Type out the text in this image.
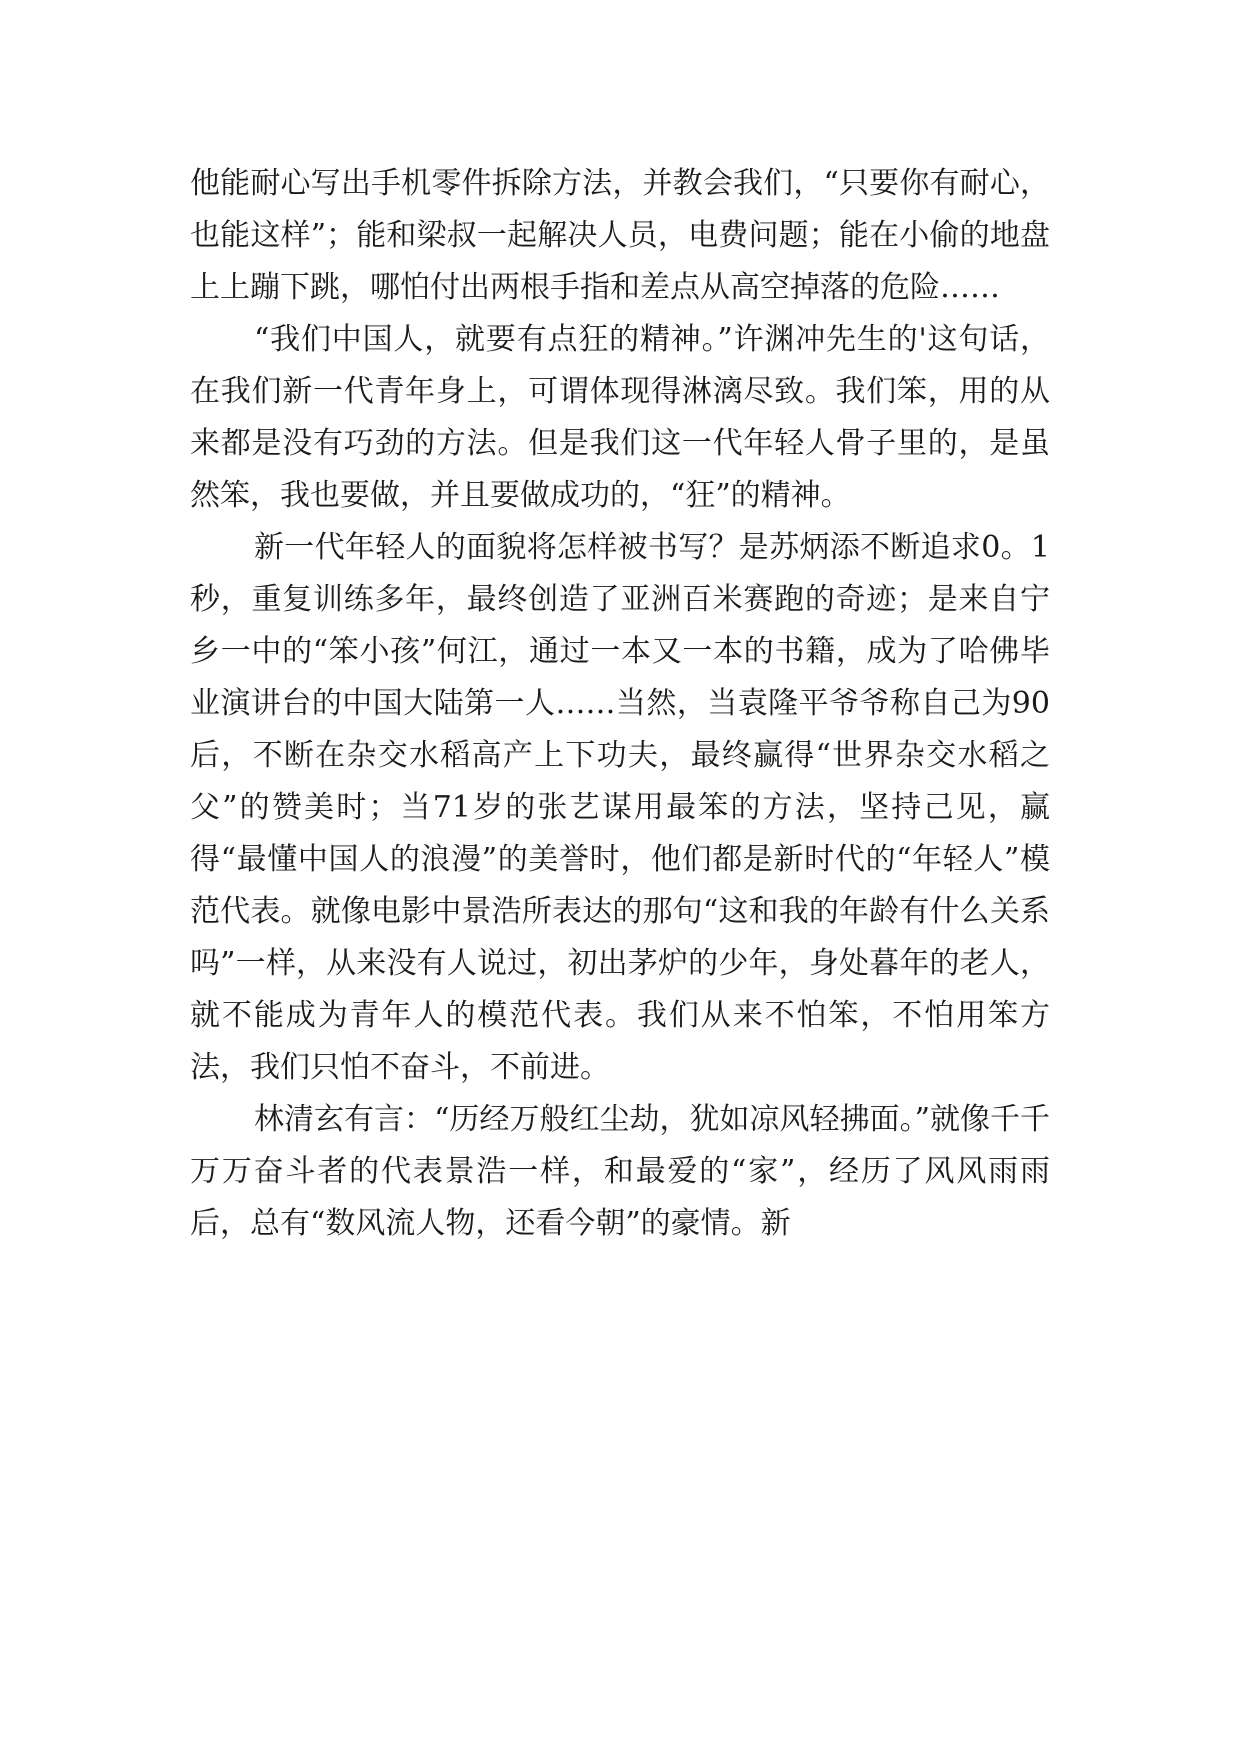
他能耐心写出手机零件拆除方法，并教会我们，“只要你有耐心，也能这样”；能和梁叔一起解决人员，电费问题；能在小偷的地盘上上蹦下跳，哪怕付出两根手指和差点从高空掉落的危险……

“我们中国人，就要有点狂的精神。”许渊冲先生的'这句话，在我们新一代青年身上，可谓体现得淋漓尽致。我们笨，用的从来都是没有巧劲的方法。但是我们这一代年轻人骨子里的，是虽然笨，我也要做，并且要做成功的，“狂”的精神。

新一代年轻人的面貌将怎样被书写？是苏炳添不断追求0。1秒，重复训练多年，最终创造了亚洲百米赛跑的奇迹；是来自宁乡一中的“笨小孩”何江，通过一本又一本的书籍，成为了哈佛毕业演讲台的中国大陆第一人……当然，当袁隆平爷爷称自己为90后，不断在杂交水稻高产上下功夫，最终赢得“世界杂交水稻之父”的赞美时；当71岁的张艺谋用最笨的方法，坚持己见，赢得“最懂中国人的浪漫”的美誉时，他们都是新时代的“年轻人”模范代表。就像电影中景浩所表达的那句“这和我的年龄有什么关系吗”一样，从来没有人说过，初出茅炉的少年，身处暮年的老人，就不能成为青年人的模范代表。我们从来不怕笨，不怕用笨方法，我们只怕不奋斗，不前进。

林清玄有言：“历经万般红尘劫，犹如凉风轻拂面。”就像千千万万奋斗者的代表景浩一样，和最爱的“家”，经历了风风雨雨后，总有“数风流人物，还看今朝”的豪情。新
